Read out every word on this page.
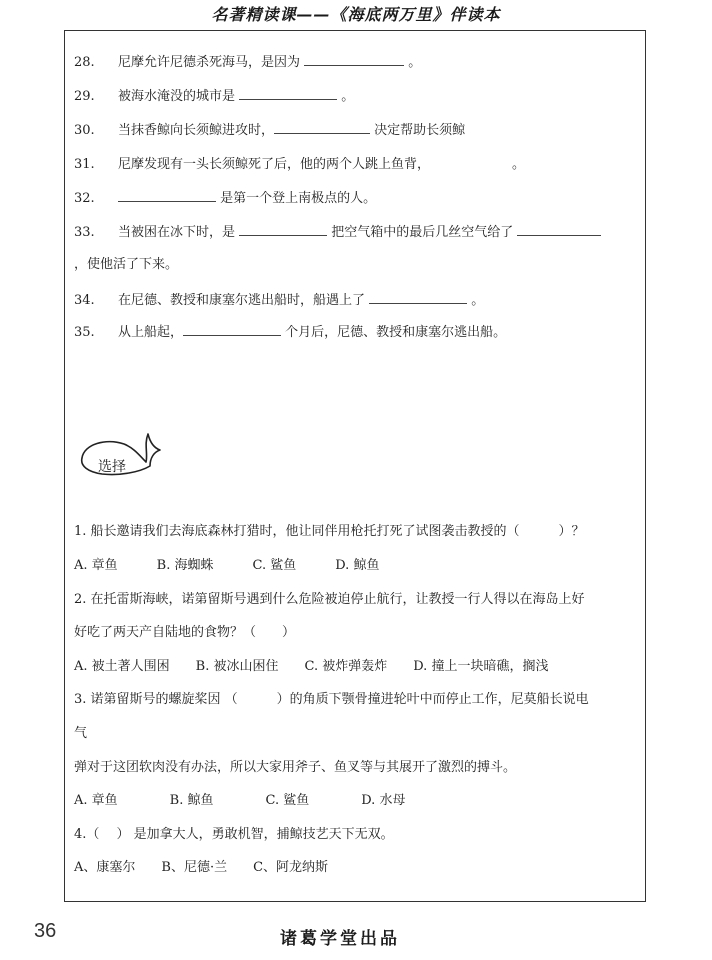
名著精读课——《海底两万里》伴读本
28. 尼摩允许尼德杀死海马，是因为	。
29. 被海水淹没的城市是	。
30. 当抹香鲸向长须鲸进攻时，	决定帮助长须鲸
31. 尼摩发现有一头长须鲸死了后，他的两个人跳上鱼背，	。
32.	是第一个登上南极点的人。
33. 当被困在冰下时，是	把空气箱中的最后几丝空气给了
，使他活了下来。
34. 在尼德、教授和康塞尔逃出船时，船遇上了	。
35. 从上船起，	个月后，尼德、教授和康塞尔逃出船。
选择
1. 船长邀请我们去海底森林打猎时，他让同伴用枪托打死了试图袭击教授的（　　　）？
A. 章鱼　　　B. 海蜘蛛　　　C. 鲨鱼　　　D. 鲸鱼
2. 在托雷斯海峡，诺第留斯号遇到什么危险被迫停止航行，让教授一行人得以在海岛上好
好吃了两天产自陆地的食物？（　　）
A. 被土著人围困　　B. 被冰山困住　　C. 被炸弹轰炸　　D. 撞上一块暗礁，搁浅
3. 诺第留斯号的螺旋桨因 （　　　）的角质下颚骨撞进轮叶中而停止工作，尼莫船长说电
气
弹对于这团软肉没有办法，所以大家用斧子、鱼叉等与其展开了激烈的搏斗。
A. 章鱼　　　　B. 鲸鱼　　　　C. 鲨鱼　　　　D. 水母
4.（　 ） 是加拿大人，勇敢机智，捕鲸技艺天下无双。
A、康塞尔　　B、尼德·兰　　C、阿龙纳斯
36	诸葛学堂出品
